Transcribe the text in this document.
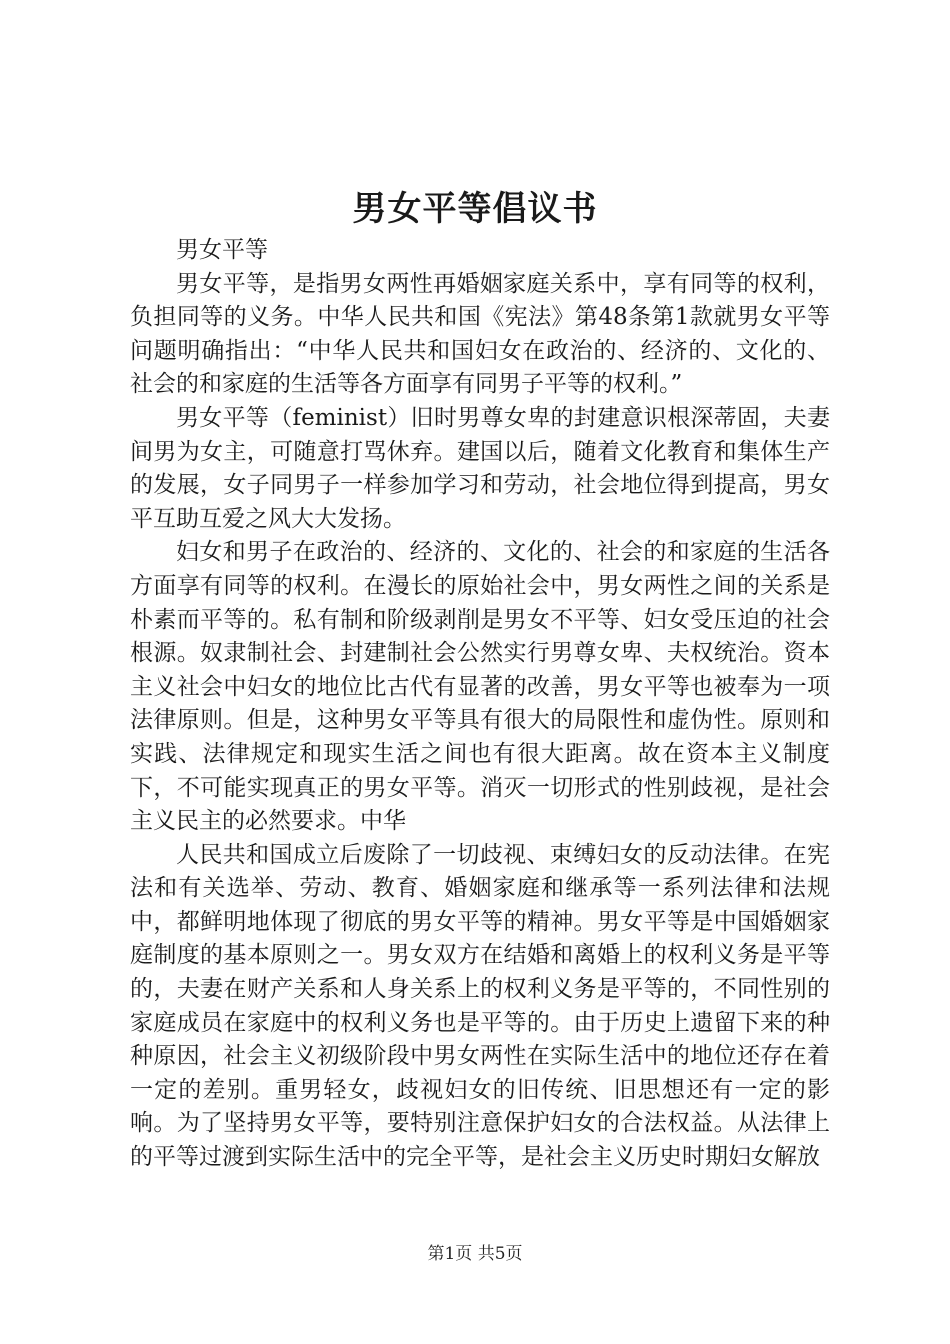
男女平等倡议书

男女平等

男女平等，是指男女两性再婚姻家庭关系中，享有同等的权利，负担同等的义务。中华人民共和国《宪法》第48条第1款就男女平等问题明确指出：“中华人民共和国妇女在政治的、经济的、文化的、社会的和家庭的生活等各方面享有同男子平等的权利。”

男女平等（feminist）旧时男尊女卑的封建意识根深蒂固，夫妻间男为女主，可随意打骂休弃。建国以后，随着文化教育和集体生产的发展，女子同男子一样参加学习和劳动，社会地位得到提高，男女平互助互爱之风大大发扬。

妇女和男子在政治的、经济的、文化的、社会的和家庭的生活各方面享有同等的权利。在漫长的原始社会中，男女两性之间的关系是朴素而平等的。私有制和阶级剥削是男女不平等、妇女受压迫的社会根源。奴隶制社会、封建制社会公然实行男尊女卑、夫权统治。资本主义社会中妇女的地位比古代有显著的改善，男女平等也被奉为一项法律原则。但是，这种男女平等具有很大的局限性和虚伪性。原则和实践、法律规定和现实生活之间也有很大距离。故在资本主义制度下，不可能实现真正的男女平等。消灭一切形式的性别歧视，是社会主义民主的必然要求。中华

人民共和国成立后废除了一切歧视、束缚妇女的反动法律。在宪法和有关选举、劳动、教育、婚姻家庭和继承等一系列法律和法规中，都鲜明地体现了彻底的男女平等的精神。男女平等是中国婚姻家庭制度的基本原则之一。男女双方在结婚和离婚上的权利义务是平等的，夫妻在财产关系和人身关系上的权利义务是平等的，不同性别的家庭成员在家庭中的权利义务也是平等的。由于历史上遗留下来的种种原因，社会主义初级阶段中男女两性在实际生活中的地位还存在着一定的差别。重男轻女，歧视妇女的旧传统、旧思想还有一定的影响。为了坚持男女平等，要特别注意保护妇女的合法权益。从法律上的平等过渡到实际生活中的完全平等，是社会主义历史时期妇女解放

第1页 共5页
